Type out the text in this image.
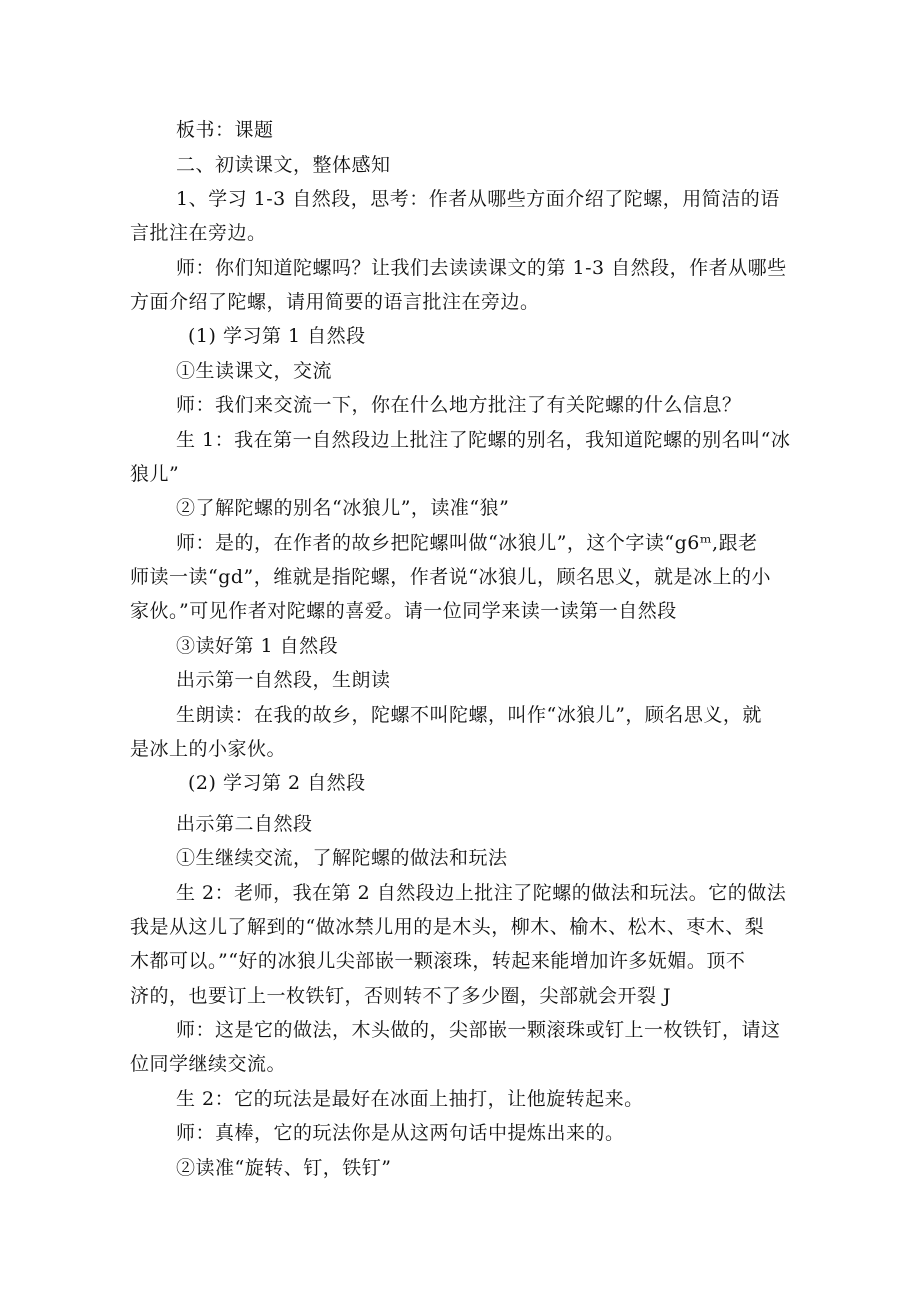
板书：课题
二、初读课文，整体感知
1、学习 1-3 自然段，思考：作者从哪些方面介绍了陀螺，用简洁的语
言批注在旁边。
师：你们知道陀螺吗？让我们去读读课文的第 1-3 自然段，作者从哪些
方面介绍了陀螺，请用简要的语言批注在旁边。
(1) 学习第 1 自然段
①生读课文，交流
师：我们来交流一下，你在什么地方批注了有关陀螺的什么信息？
生 1：我在第一自然段边上批注了陀螺的别名，我知道陀螺的别名叫“冰
狼儿”
②了解陀螺的别名“冰狼儿”，读准“狼”
师：是的，在作者的故乡把陀螺叫做“冰狼儿”，这个字读“g6ᵐ,跟老
师读一读“gd”，维就是指陀螺，作者说“冰狼儿，顾名思义，就是冰上的小
家伙。”可见作者对陀螺的喜爱。请一位同学来读一读第一自然段
③读好第 1 自然段
出示第一自然段，生朗读
生朗读：在我的故乡，陀螺不叫陀螺，叫作“冰狼儿”，顾名思义，就
是冰上的小家伙。
(2) 学习第 2 自然段
出示第二自然段
①生继续交流，了解陀螺的做法和玩法
生 2：老师，我在第 2 自然段边上批注了陀螺的做法和玩法。它的做法
我是从这儿了解到的“做冰禁儿用的是木头，柳木、榆木、松木、枣木、梨
木都可以。”“好的冰狼儿尖部嵌一颗滚珠，转起来能增加许多妩媚。顶不
济的，也要订上一枚铁钉，否则转不了多少圈，尖部就会开裂 J
师：这是它的做法，木头做的，尖部嵌一颗滚珠或钉上一枚铁钉，请这
位同学继续交流。
生 2：它的玩法是最好在冰面上抽打，让他旋转起来。
师：真棒，它的玩法你是从这两句话中提炼出来的。
②读准“旋转、钉，铁钉”
